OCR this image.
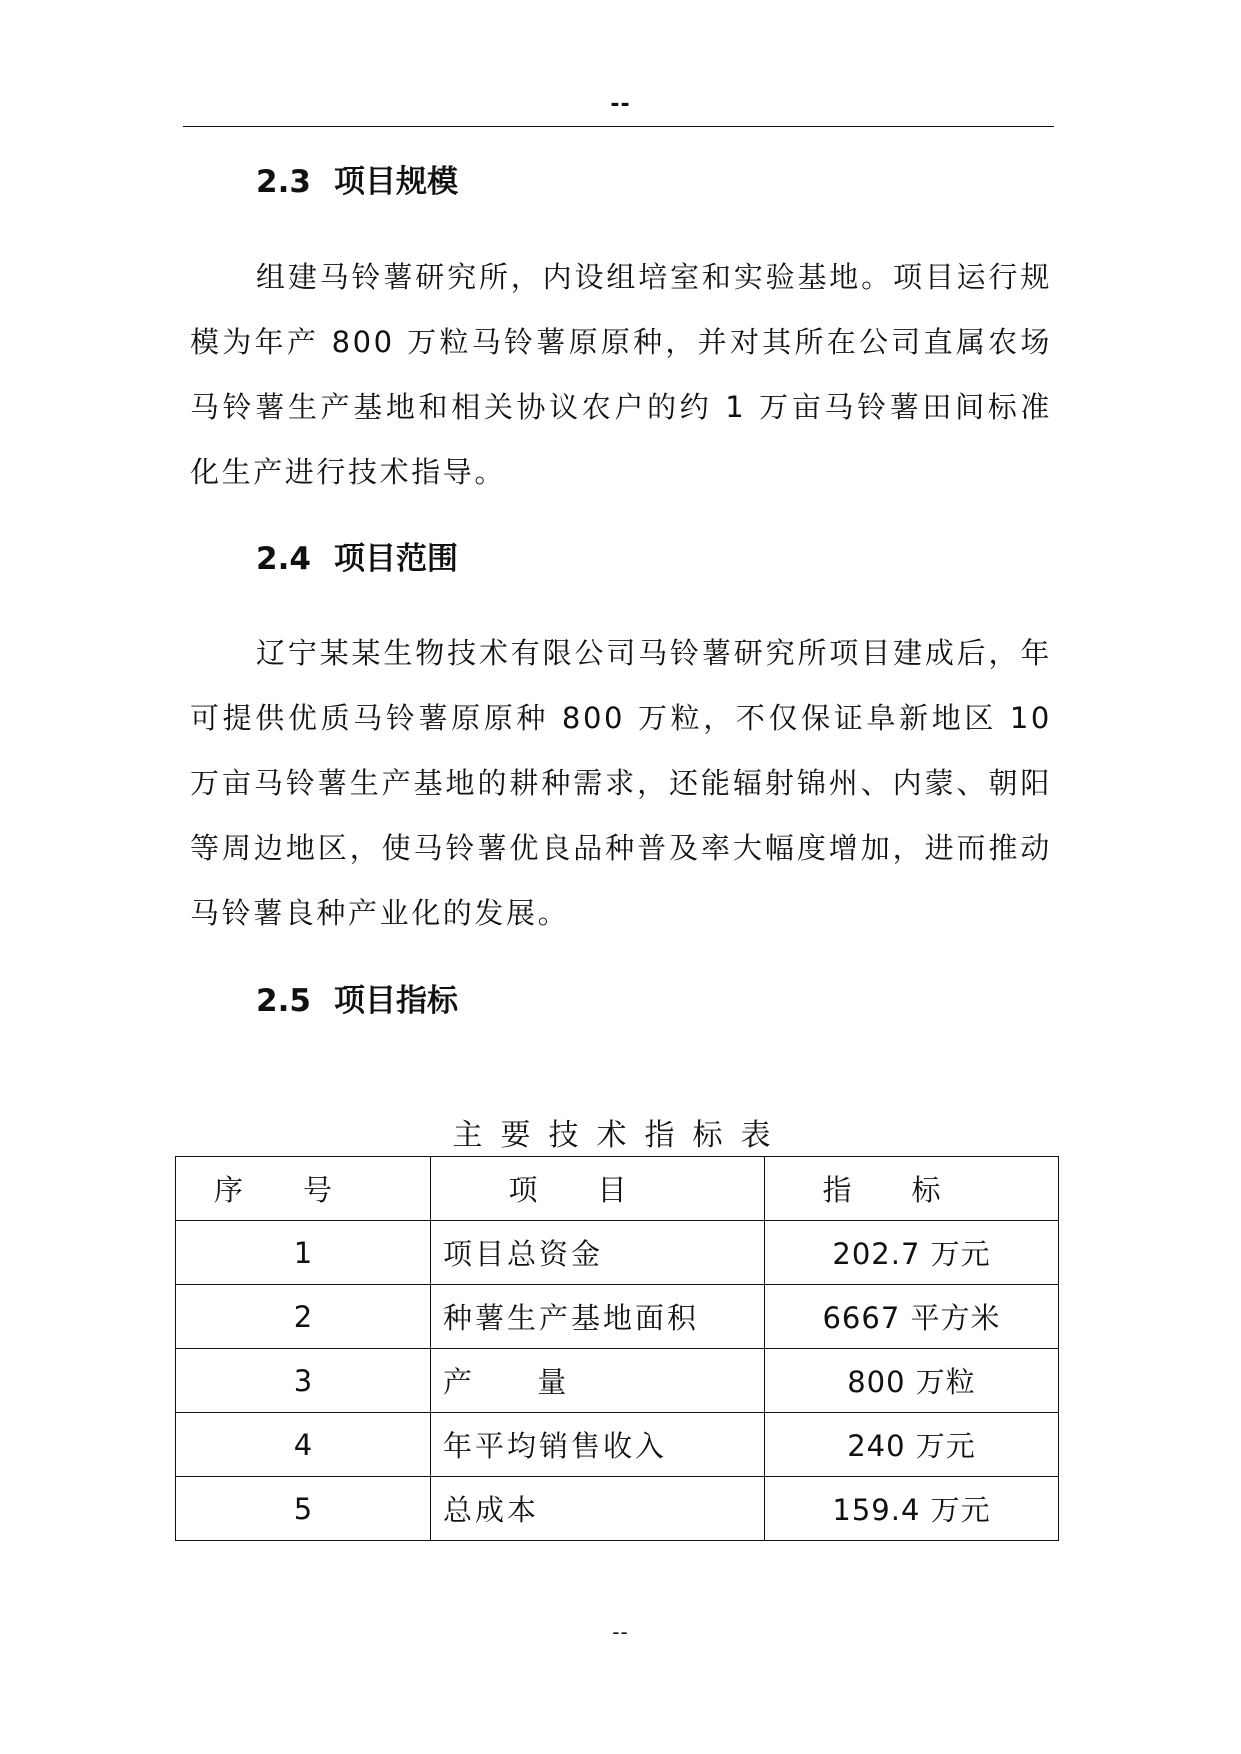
--
2.3 项目规模

组建马铃薯研究所，内设组培室和实验基地。项目运行规模为年产 800 万粒马铃薯原原种，并对其所在公司直属农场马铃薯生产基地和相关协议农户的约 1 万亩马铃薯田间标准化生产进行技术指导。

2.4 项目范围

辽宁某某生物技术有限公司马铃薯研究所项目建成后，年可提供优质马铃薯原原种 800 万粒，不仅保证阜新地区 10 万亩马铃薯生产基地的耕种需求，还能辐射锦州、内蒙、朝阳等周边地区，使马铃薯优良品种普及率大幅度增加，进而推动马铃薯良种产业化的发展。

2.5 项目指标
主要技术指标表
序号	项目	指标
1	项目总资金	202.7 万元
2	种薯生产基地面积	6667 平方米
3	产 量	800 万粒
4	年平均销售收入	240 万元
5	总成本	159.4 万元
--
